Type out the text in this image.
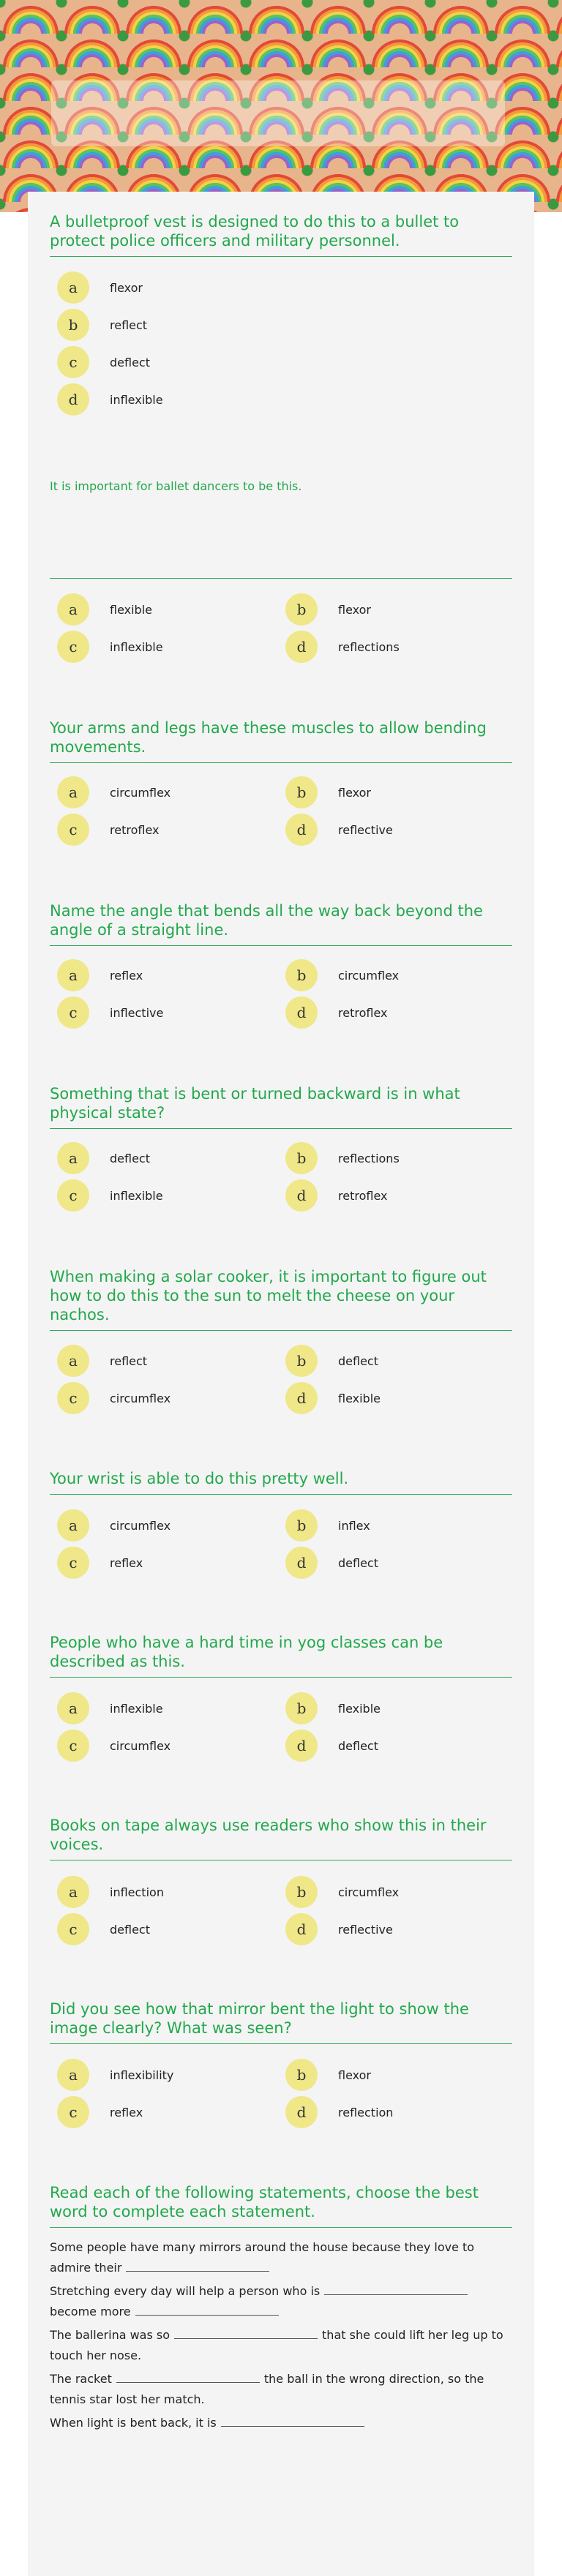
A bulletproof vest is designed to do this to a bullet to protect police officers and military personnel.
a	flexor
b	reflect
c	deflect
d	inflexible
It is important for ballet dancers to be this.
a	flexible	b	flexor
c	inflexible	d	reflections
Your arms and legs have these muscles to allow bending movements.
a	circumflex	b	flexor
c	retroflex	d	reflective
Name the angle that bends all the way back beyond the angle of a straight line.
a	reflex	b	circumflex
c	inflective	d	retroflex
Something that is bent or turned backward is in what physical state?
a	deflect	b	reflections
c	inflexible	d	retroflex
When making a solar cooker, it is important to figure out how to do this to the sun to melt the cheese on your nachos.
a	reflect	b	deflect
c	circumflex	d	flexible
Your wrist is able to do this pretty well.
a	circumflex	b	inflex
c	reflex	d	deflect
People who have a hard time in yog classes can be described as this.
a	inflexible	b	flexible
c	circumflex	d	deflect
Books on tape always use readers who show this in their voices.
a	inflection	b	circumflex
c	deflect	d	reflective
Did you see how that mirror bent the light to show the image clearly? What was seen?
a	inflexibility	b	flexor
c	reflex	d	reflection
Read each of the following statements, choose the best word to complete each statement.

Some people have many mirrors around the house because they love to admire their

Stretching every day will help a person who isbecome more

The ballerina was so	that she could lift her leg up to touch her nose.

The racket	the ball in the wrong direction, so the tennis star lost her match.

When light is bent back, it is
